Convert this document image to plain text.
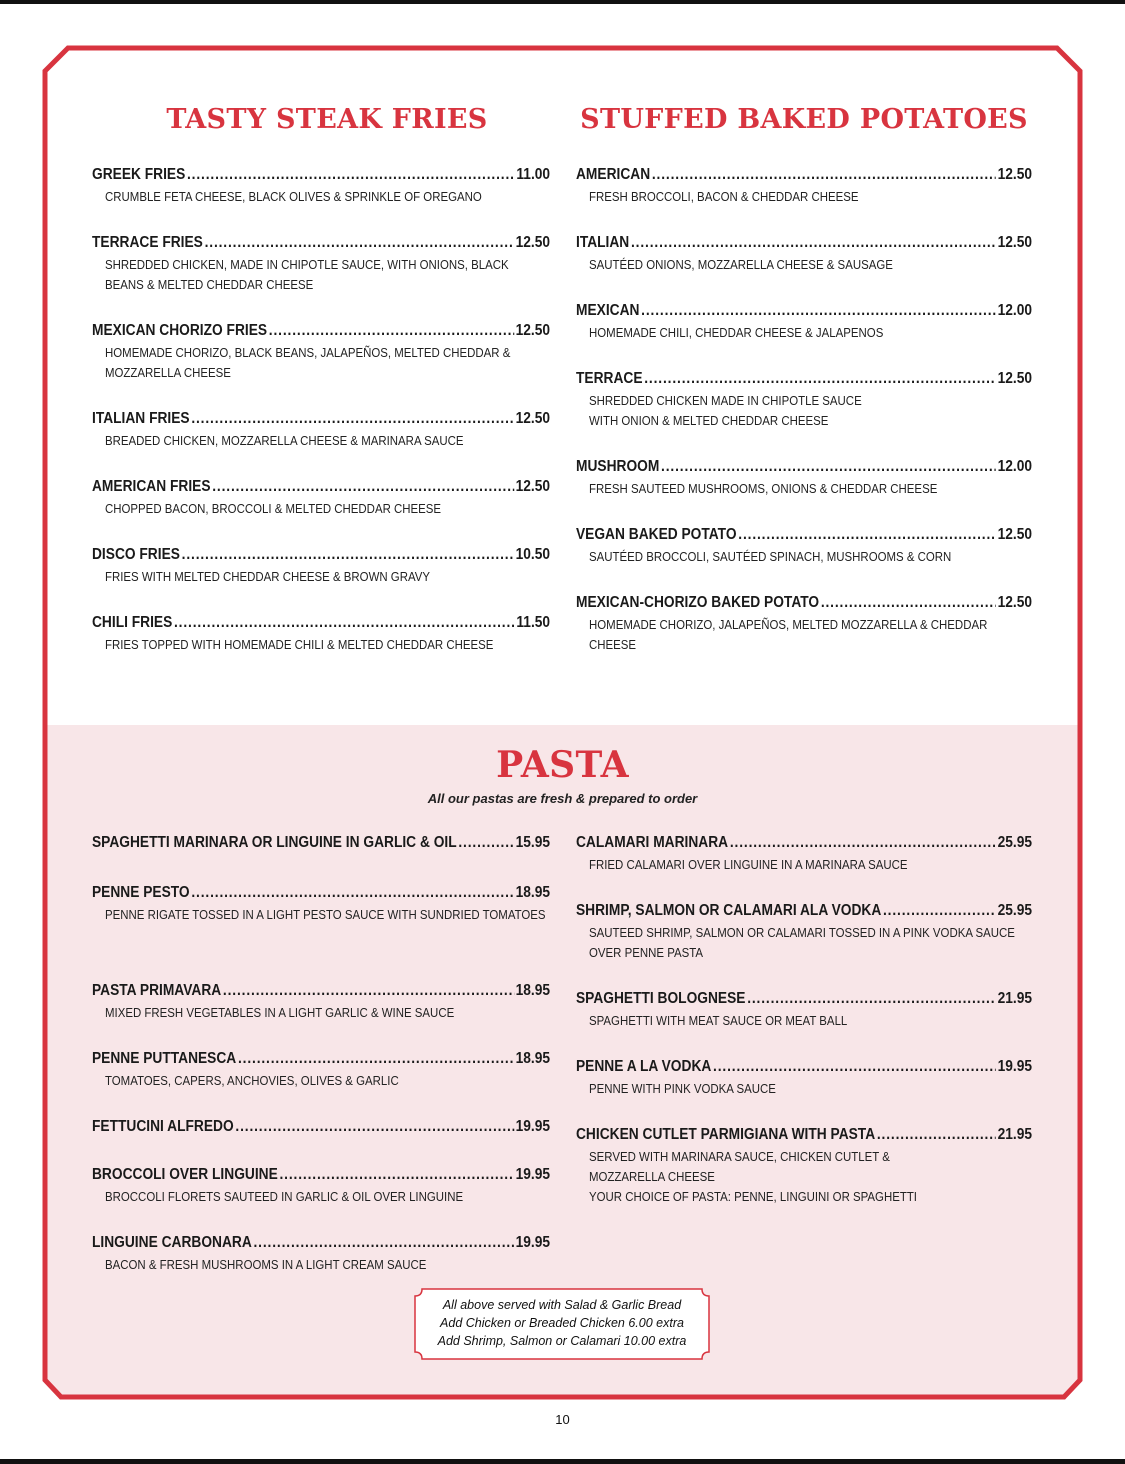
TASTY STEAK FRIES	STUFFED BAKED POTATOES
GREEK FRIES .....	11.00
CRUMBLE FETA CHEESE, BLACK OLIVES & SPRINKLE OF OREGANO
TERRACE FRIES .....	12.50
SHREDDED CHICKEN, MADE IN CHIPOTLE SAUCE, WITH ONIONS, BLACK BEANS & MELTED CHEDDAR CHEESE
MEXICAN CHORIZO FRIES .....	12.50
HOMEMADE CHORIZO, BLACK BEANS, JALAPEÑOS, MELTED CHEDDAR & MOZZARELLA CHEESE
ITALIAN FRIES .....	12.50
BREADED CHICKEN, MOZZARELLA CHEESE & MARINARA SAUCE
AMERICAN FRIES .....	12.50
CHOPPED BACON, BROCCOLI & MELTED CHEDDAR CHEESE
DISCO FRIES .....	10.50
FRIES WITH MELTED CHEDDAR CHEESE & BROWN GRAVY
CHILI FRIES .....	11.50
FRIES TOPPED WITH HOMEMADE CHILI & MELTED CHEDDAR CHEESE
AMERICAN .....	12.50
FRESH BROCCOLI, BACON & CHEDDAR CHEESE
ITALIAN .....	12.50
SAUTÉED ONIONS, MOZZARELLA CHEESE & SAUSAGE
MEXICAN .....	12.00
HOMEMADE CHILI, CHEDDAR CHEESE & JALAPENOS
TERRACE .....	12.50
SHREDDED CHICKEN MADE IN CHIPOTLE SAUCE
WITH ONION & MELTED CHEDDAR CHEESE
MUSHROOM .....	12.00
FRESH SAUTEED MUSHROOMS, ONIONS & CHEDDAR CHEESE
VEGAN BAKED POTATO .....	12.50
SAUTÉED BROCCOLI, SAUTÉED SPINACH, MUSHROOMS & CORN
MEXICAN-CHORIZO BAKED POTATO .....	12.50
HOMEMADE CHORIZO, JALAPEÑOS, MELTED MOZZARELLA & CHEDDAR CHEESE
PASTA
All our pastas are fresh & prepared to order
SPAGHETTI MARINARA OR LINGUINE IN GARLIC & OIL .....	15.95
PENNE PESTO .....	18.95
PENNE RIGATE TOSSED IN A LIGHT PESTO SAUCE WITH SUNDRIED TOMATOES
PASTA PRIMAVARA .....	18.95
MIXED FRESH VEGETABLES IN A LIGHT GARLIC & WINE SAUCE
PENNE PUTTANESCA .....	18.95
TOMATOES, CAPERS, ANCHOVIES, OLIVES & GARLIC
FETTUCINI ALFREDO .....	19.95
BROCCOLI OVER LINGUINE .....	19.95
BROCCOLI FLORETS SAUTEED IN GARLIC & OIL OVER LINGUINE
LINGUINE CARBONARA .....	19.95
BACON & FRESH MUSHROOMS IN A LIGHT CREAM SAUCE
CALAMARI MARINARA .....	25.95
FRIED CALAMARI OVER LINGUINE IN A MARINARA SAUCE
SHRIMP, SALMON OR CALAMARI ALA VODKA .....	25.95
SAUTEED SHRIMP, SALMON OR CALAMARI TOSSED IN A PINK VODKA SAUCE OVER PENNE PASTA
SPAGHETTI BOLOGNESE .....	21.95
SPAGHETTI WITH MEAT SAUCE OR MEAT BALL
PENNE A LA VODKA .....	19.95
PENNE WITH PINK VODKA SAUCE
CHICKEN CUTLET PARMIGIANA WITH PASTA .....	21.95
SERVED WITH MARINARA SAUCE, CHICKEN CUTLET &
MOZZARELLA CHEESE
YOUR CHOICE OF PASTA: PENNE, LINGUINI OR SPAGHETTI
All above served with Salad & Garlic Bread
Add Chicken or Breaded Chicken 6.00 extra
Add Shrimp, Salmon or Calamari 10.00 extra
10
